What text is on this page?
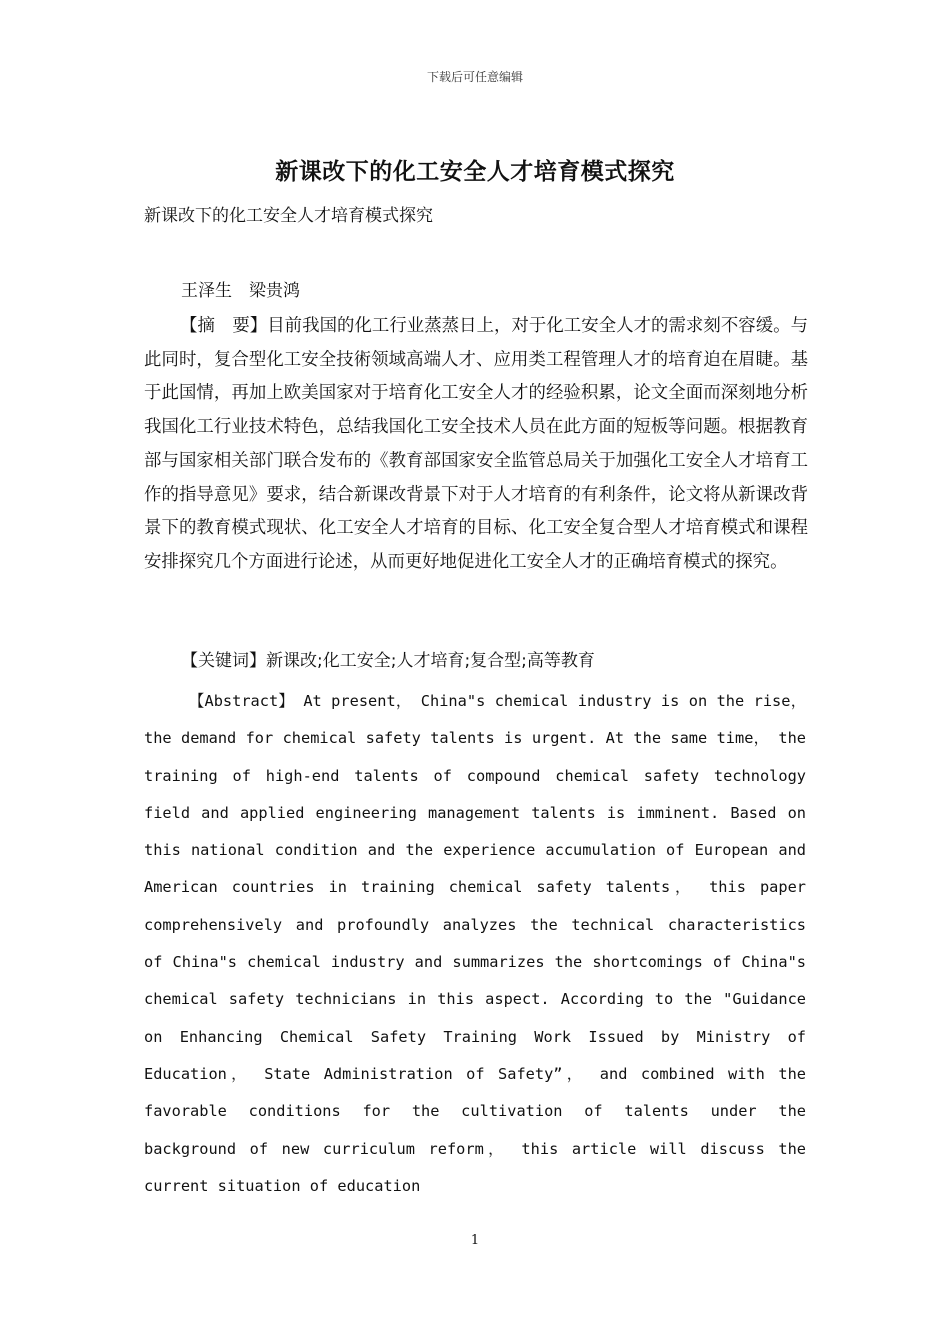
下载后可任意编辑
新课改下的化工安全人才培育模式探究
新课改下的化工安全人才培育模式探究
王泽生　梁贵鸿

【摘　要】目前我国的化工行业蒸蒸日上，对于化工安全人才的需求刻不容缓。与此同时，复合型化工安全技術领域高端人才、应用类工程管理人才的培育迫在眉睫。基于此国情，再加上欧美国家对于培育化工安全人才的经验积累，论文全面而深刻地分析我国化工行业技术特色，总结我国化工安全技术人员在此方面的短板等问题。根据教育部与国家相关部门联合发布的《教育部国家安全监管总局关于加强化工安全人才培育工作的指导意见》要求，结合新课改背景下对于人才培育的有利条件，论文将从新课改背景下的教育模式现状、化工安全人才培育的目标、化工安全复合型人才培育模式和课程安排探究几个方面进行论述，从而更好地促进化工安全人才的正确培育模式的探究。

【关键词】新课改;化工安全;人才培育;复合型;高等教育

【Abstract】 At present， China"s chemical industry is on the rise， the demand for chemical safety talents is urgent. At the same time， the training of high-end talents of compound chemical safety technology field and applied engineering management talents is imminent. Based on this national condition and the experience accumulation of European and American countries in training chemical safety talents， this paper comprehensively and profoundly analyzes the technical characteristics of China"s chemical industry and summarizes the shortcomings of China"s chemical safety technicians in this aspect. According to the "Guidance on Enhancing Chemical Safety Training Work Issued by Ministry of Education， State Administration of Safety”， and combined with the favorable conditions for the cultivation of talents under the background of new curriculum reform， this article will discuss the current situation of education

1
